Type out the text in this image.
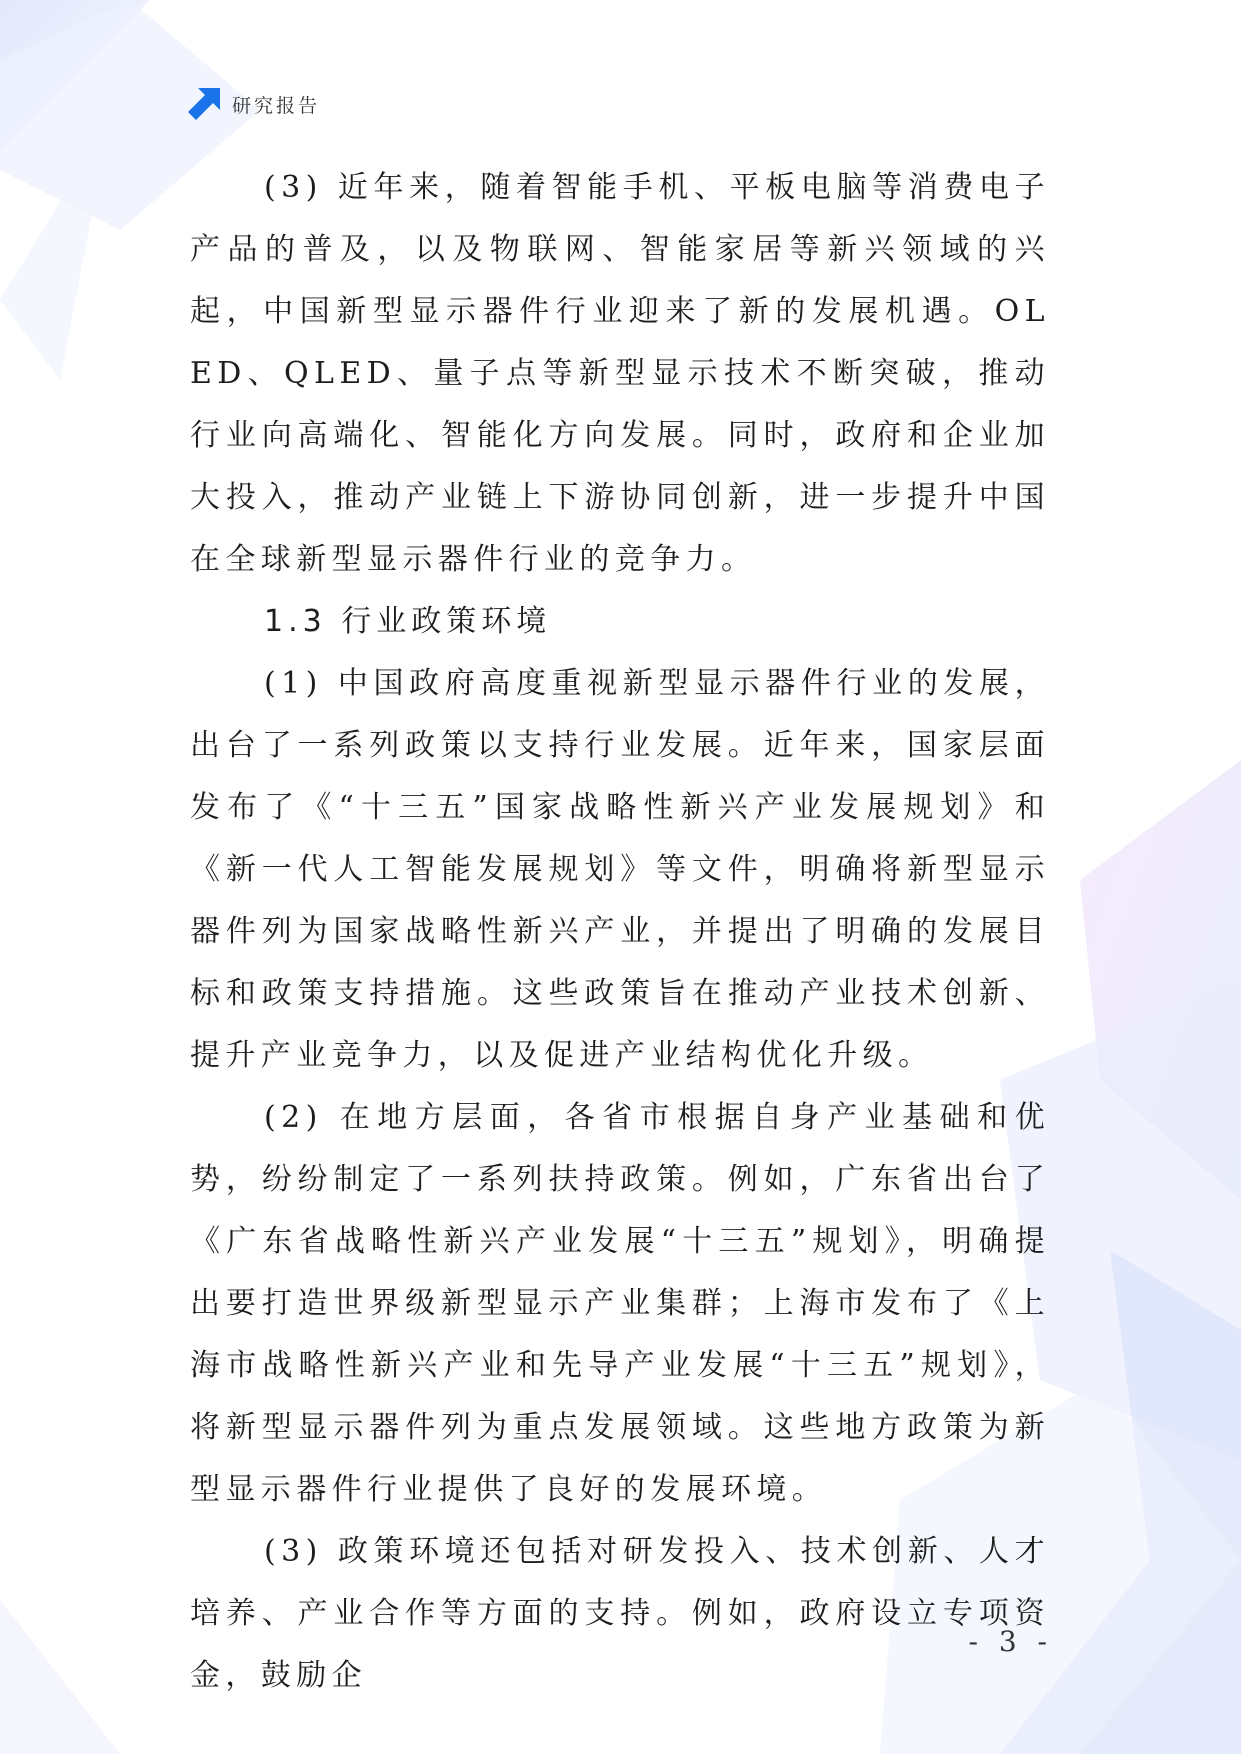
研究报告

(3) 近年来，随着智能手机、平板电脑等消费电子产品的普及，以及物联网、智能家居等新兴领域的兴起，中国新型显示器件行业迎来了新的发展机遇。OLED、QLED、量子点等新型显示技术不断突破，推动行业向高端化、智能化方向发展。同时，政府和企业加大投入，推动产业链上下游协同创新，进一步提升中国在全球新型显示器件行业的竞争力。

1.3 行业政策环境

(1) 中国政府高度重视新型显示器件行业的发展，出台了一系列政策以支持行业发展。近年来，国家层面发布了《“十三五”国家战略性新兴产业发展规划》和《新一代人工智能发展规划》等文件，明确将新型显示器件列为国家战略性新兴产业，并提出了明确的发展目标和政策支持措施。这些政策旨在推动产业技术创新、提升产业竞争力，以及促进产业结构优化升级。

(2) 在地方层面，各省市根据自身产业基础和优势，纷纷制定了一系列扶持政策。例如，广东省出台了《广东省战略性新兴产业发展“十三五”规划》，明确提出要打造世界级新型显示产业集群；上海市发布了《上海市战略性新兴产业和先导产业发展“十三五”规划》，将新型显示器件列为重点发展领域。这些地方政策为新型显示器件行业提供了良好的发展环境。

(3) 政策环境还包括对研发投入、技术创新、人才培养、产业合作等方面的支持。例如，政府设立专项资金，鼓励企

- 3 -
